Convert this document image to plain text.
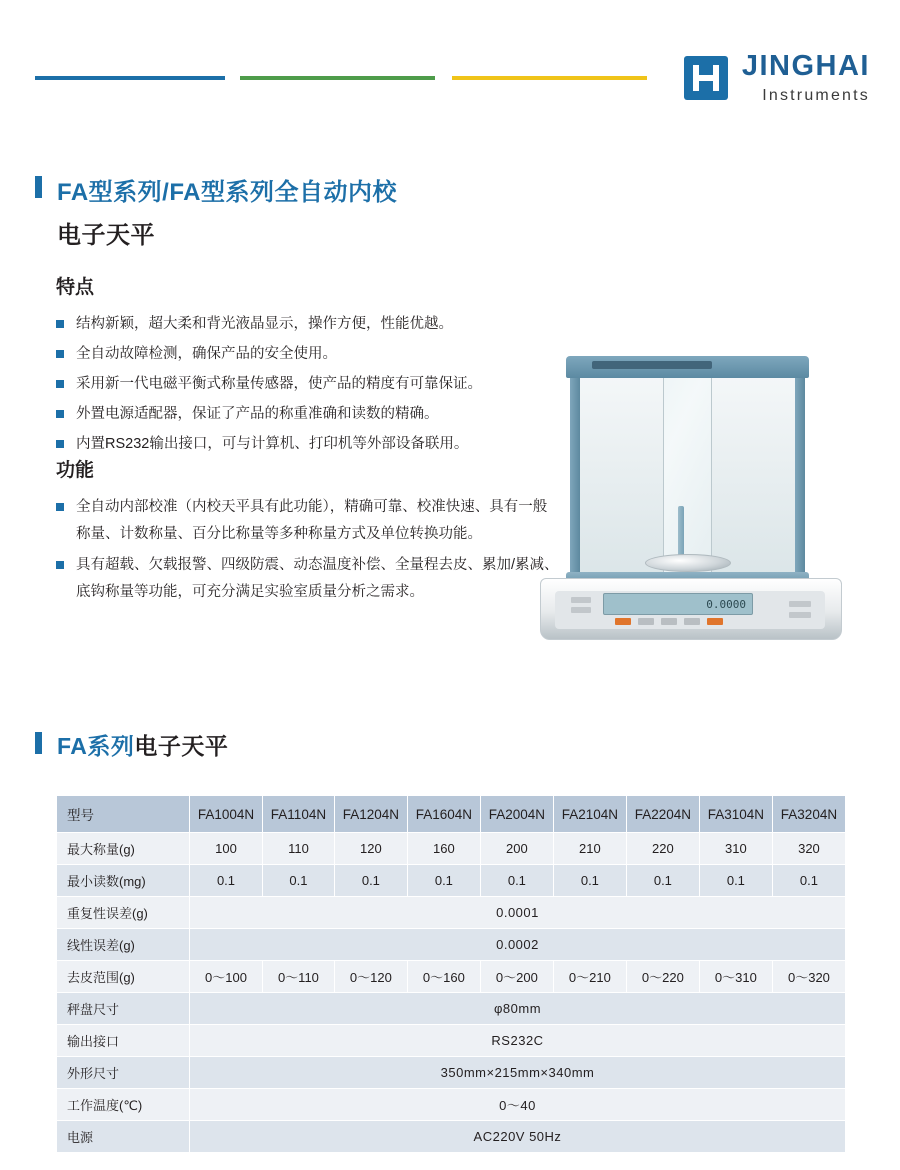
JINGHAI
Instruments
FA型系列/FA型系列全自动内校
电子天平
特点
结构新颖，超大柔和背光液晶显示，操作方便，性能优越。
全自动故障检测，确保产品的安全使用。
采用新一代电磁平衡式称量传感器，使产品的精度有可靠保证。
外置电源适配器，保证了产品的称重准确和读数的精确。
内置RS232输出接口，可与计算机、打印机等外部设备联用。
功能
全自动内部校准（内校天平具有此功能），精确可靠、校准快速、具有一般称量、计数称量、百分比称量等多种称量方式及单位转换功能。
具有超载、欠载报警、四级防震、动态温度补偿、全量程去皮、累加/累减、底钩称量等功能，可充分满足实验室质量分析之需求。
0.0000
FA系列电子天平
型号	FA1004N	FA1104N	FA1204N	FA1604N	FA2004N	FA2104N	FA2204N	FA3104N	FA3204N
最大称量(g)	100	110	120	160	200	210	220	310	320
最小读数(mg)	0.1	0.1	0.1	0.1	0.1	0.1	0.1	0.1	0.1
重复性误差(g)	0.0001								
线性误差(g)	0.0002								
去皮范围(g)	0～100	0～110	0～120	0～160	0～200	0～210	0～220	0～310	0～320
秤盘尺寸	φ80mm								
输出接口	RS232C								
外形尺寸	350mm×215mm×340mm								
工作温度(℃)	0～40								
电源	AC220V 50Hz								
